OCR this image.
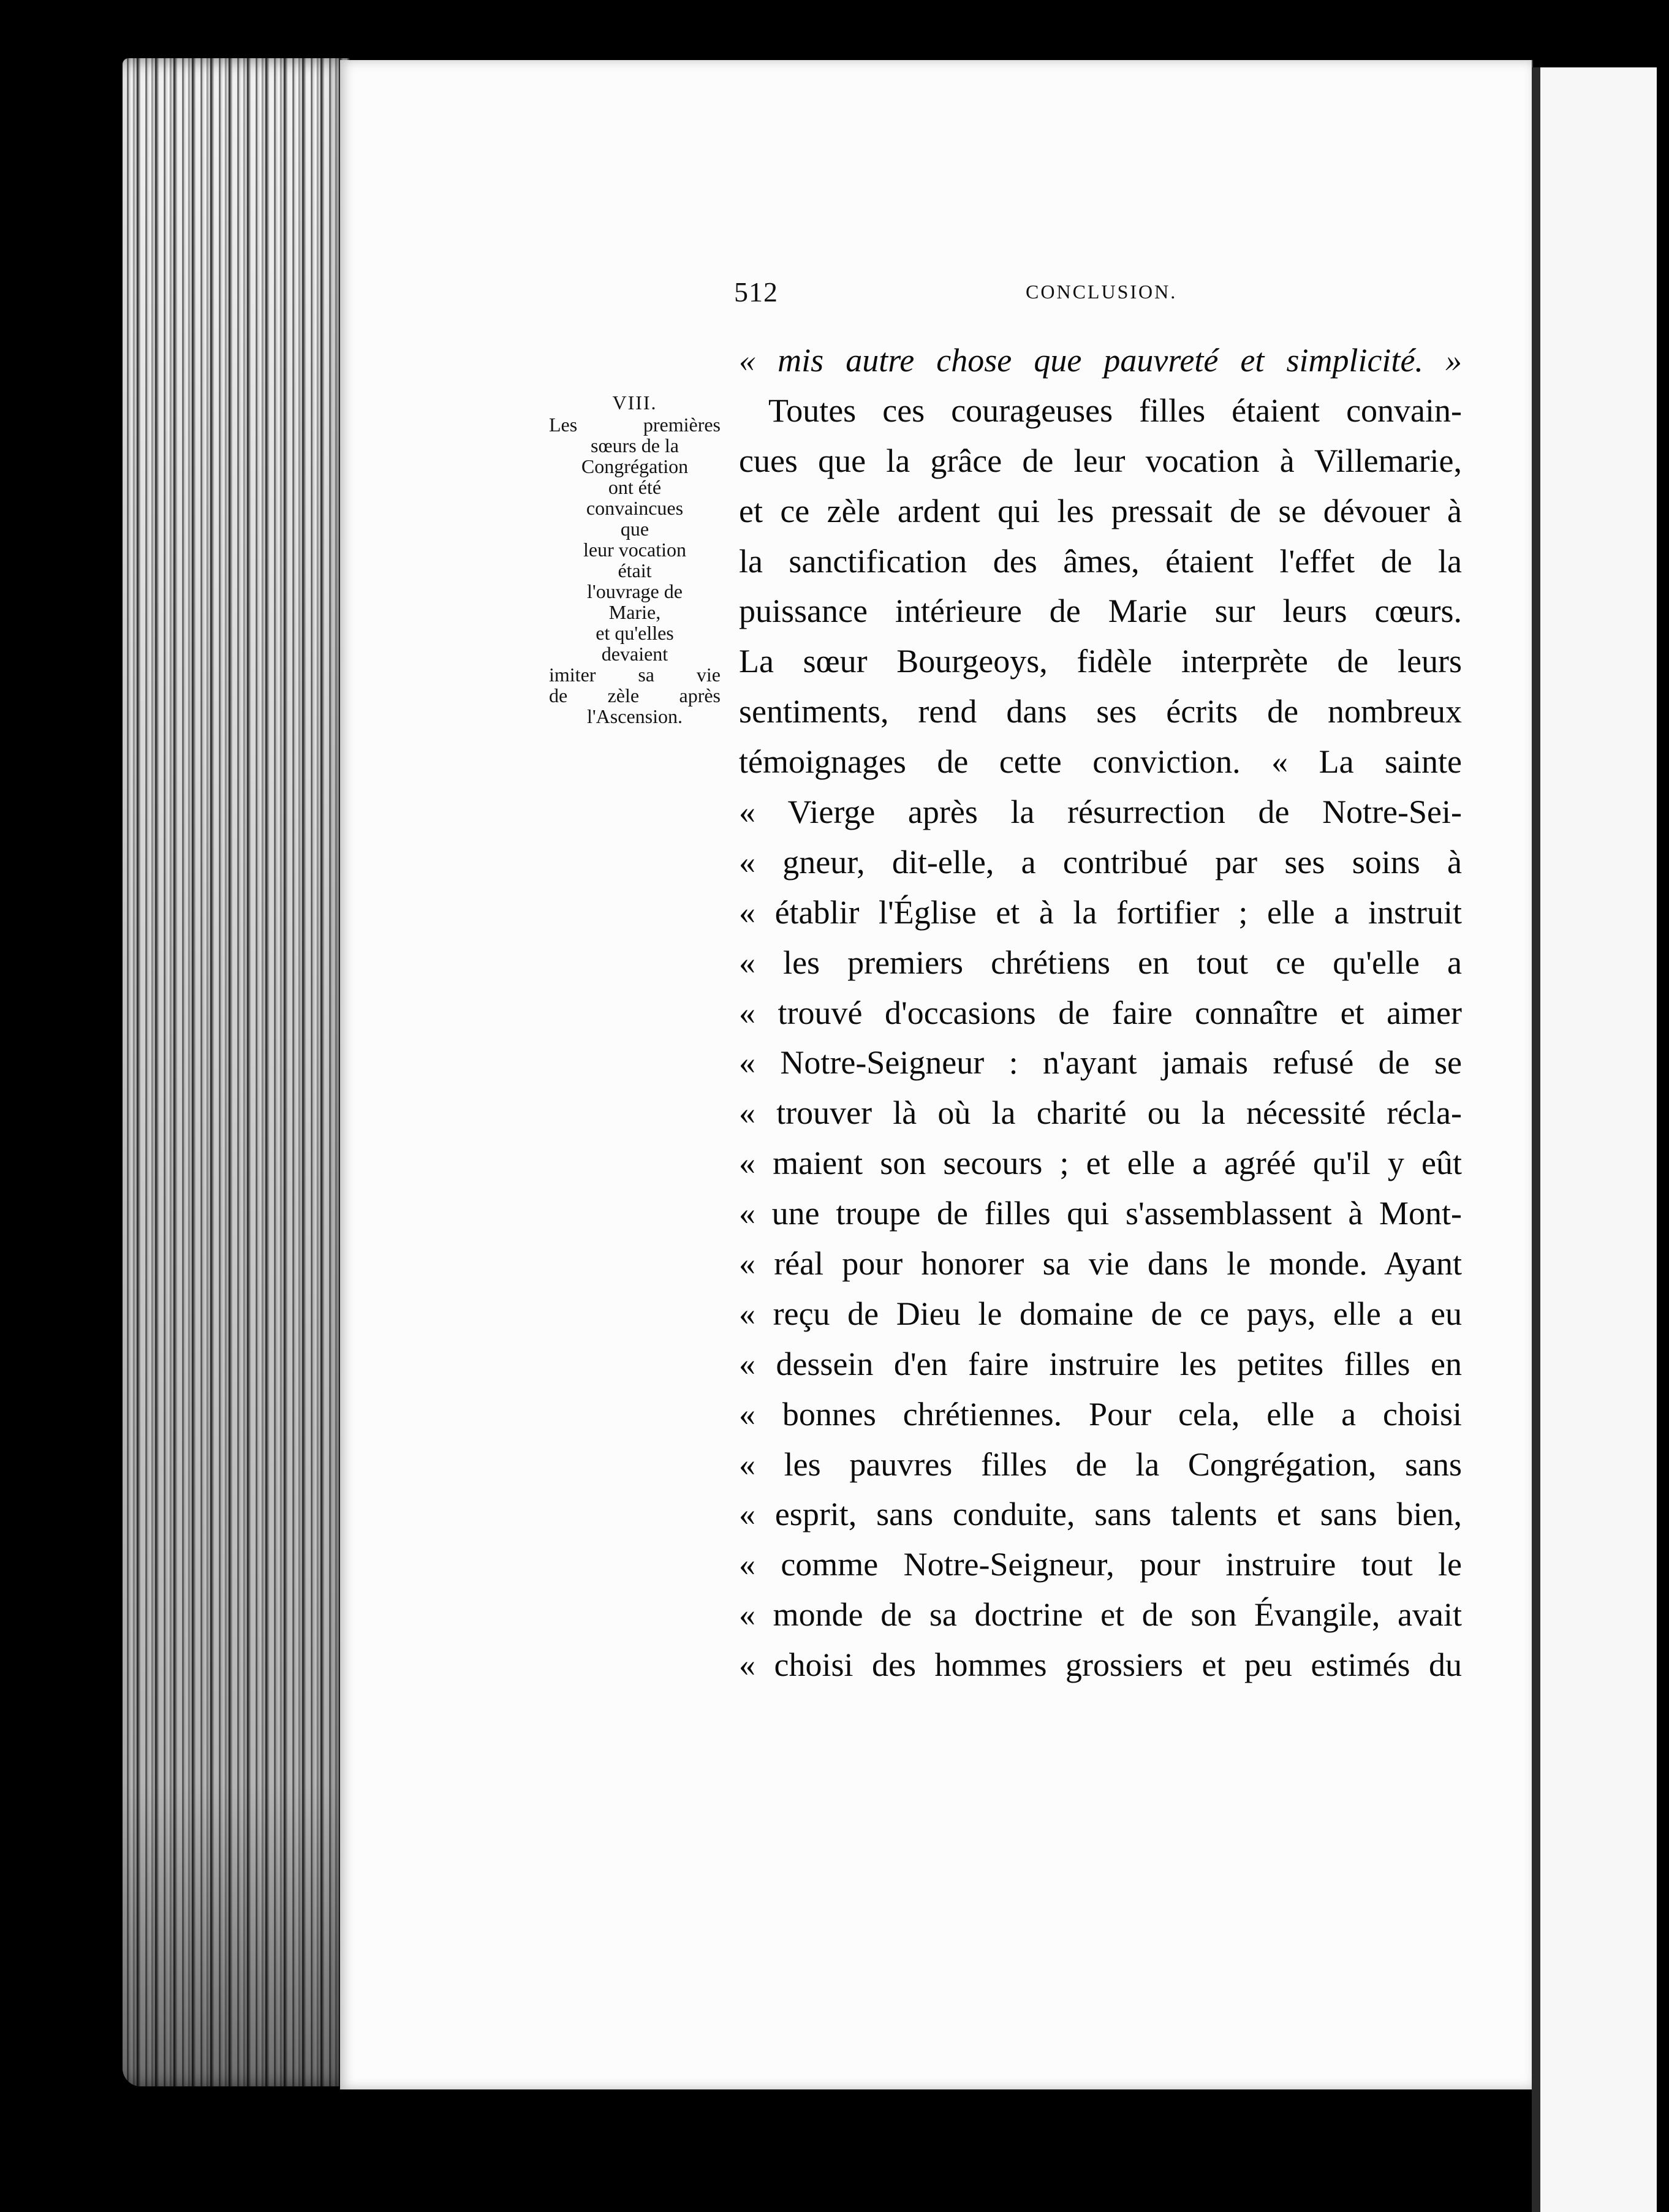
512	CONCLUSION.
VIII.
Les premières
sœurs de la
Congrégation
ont été
convaincues
que
leur vocation
était
l'ouvrage de
Marie,
et qu'elles
devaient
imiter sa vie
de zèle après
l'Ascension.
« mis autre chose que pauvreté et simplicité. »
Toutes ces courageuses filles étaient convain-
cues que la grâce de leur vocation à Villemarie,
et ce zèle ardent qui les pressait de se dévouer à
la sanctification des âmes, étaient l'effet de la
puissance intérieure de Marie sur leurs cœurs.
La sœur Bourgeoys, fidèle interprète de leurs
sentiments, rend dans ses écrits de nombreux
témoignages de cette conviction. « La sainte
« Vierge après la résurrection de Notre-Sei-
« gneur, dit-elle, a contribué par ses soins à
« établir l'Église et à la fortifier ; elle a instruit
« les premiers chrétiens en tout ce qu'elle a
« trouvé d'occasions de faire connaître et aimer
« Notre-Seigneur : n'ayant jamais refusé de se
« trouver là où la charité ou la nécessité récla-
« maient son secours ; et elle a agréé qu'il y eût
« une troupe de filles qui s'assemblassent à Mont-
« réal pour honorer sa vie dans le monde. Ayant
« reçu de Dieu le domaine de ce pays, elle a eu
« dessein d'en faire instruire les petites filles en
« bonnes chrétiennes. Pour cela, elle a choisi
« les pauvres filles de la Congrégation, sans
« esprit, sans conduite, sans talents et sans bien,
« comme Notre-Seigneur, pour instruire tout le
« monde de sa doctrine et de son Évangile, avait
« choisi des hommes grossiers et peu estimés du
